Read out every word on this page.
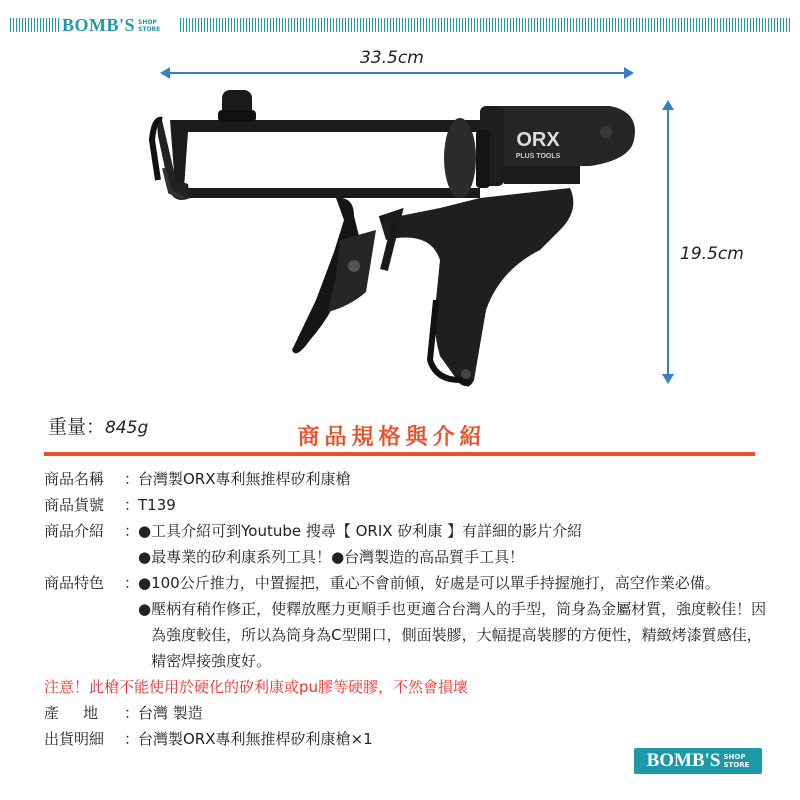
BOMB'S SHOP
STORE
33.5cm
19.5cm
ORX
PLUS TOOLS
重量：845g	商品規格與介紹
商品名稱	：
台灣製ORX專利無推桿矽利康槍
商品貨號	：
T139
商品介紹	：
● 工具介紹可到Youtube 搜尋【 ORIX 矽利康 】有詳細的影片介紹
● 最專業的矽利康系列工具！●台灣製造的高品質手工具！
商品特色	：
● 100公斤推力，中置握把，重心不會前傾，好處是可以單手持握施打，高空作業必備。
● 壓柄有稍作修正，使釋放壓力更順手也更適合台灣人的手型，筒身為金屬材質，強度較佳！因為強度較佳，所以為筒身為C型開口，側面裝膠，大幅提高裝膠的方便性，精緻烤漆質感佳，精密焊接強度好。
注意！此槍不能使用於硬化的矽利康或pu膠等硬膠，不然會損壞
產地 ：
台灣 製造
出貨明細	：
台灣製ORX專利無推桿矽利康槍×1
BOMB'S SHOP
STORE
